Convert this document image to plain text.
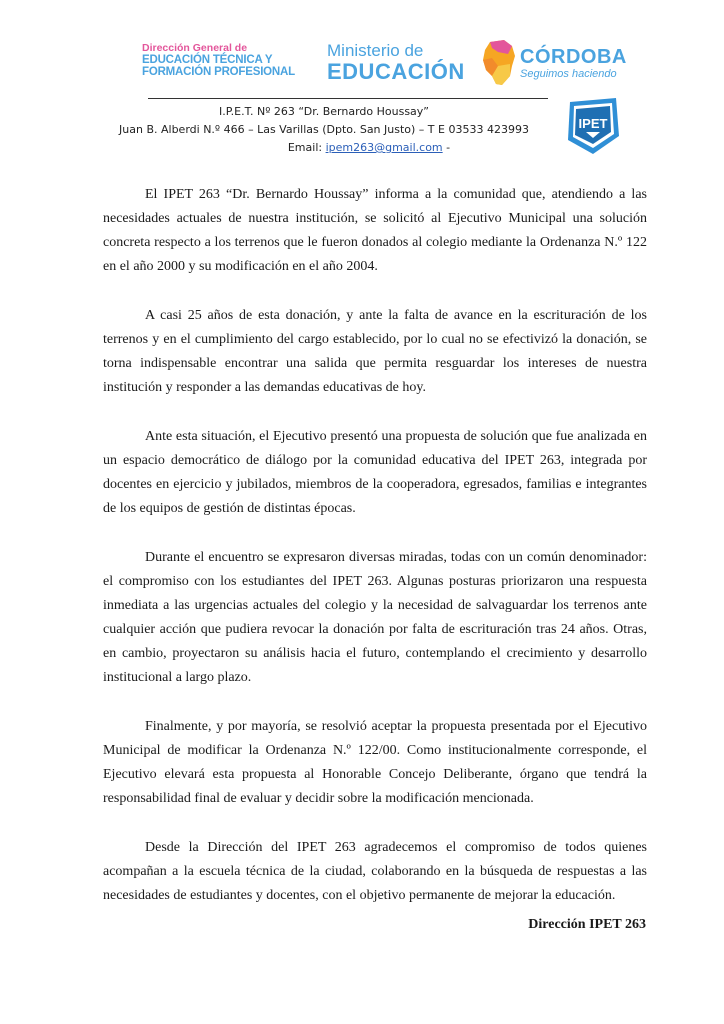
Dirección General de
EDUCACIÓN TÉCNICA Y
FORMACIÓN PROFESIONAL
Ministerio de
EDUCACIÓN
CÓRDOBA
Seguimos haciendo
I.P.E.T. Nº 263 “Dr. Bernardo Houssay”
Juan B. Alberdi N.º 466 – Las Varillas (Dpto. San Justo) – T E 03533 423993
Email: ipem263@gmail.com -
IPET

El IPET 263 “Dr. Bernardo Houssay” informa a la comunidad que, atendiendo a las necesidades actuales de nuestra institución, se solicitó al Ejecutivo Municipal una solución concreta respecto a los terrenos que le fueron donados al colegio mediante la Ordenanza N.º 122 en el año 2000 y su modificación en el año 2004.

A casi 25 años de esta donación, y ante la falta de avance en la escrituración de los terrenos y en el cumplimiento del cargo establecido, por lo cual no se efectivizó la donación, se torna indispensable encontrar una salida que permita resguardar los intereses de nuestra institución y responder a las demandas educativas de hoy.

Ante esta situación, el Ejecutivo presentó una propuesta de solución que fue analizada en un espacio democrático de diálogo por la comunidad educativa del IPET 263, integrada por docentes en ejercicio y jubilados, miembros de la cooperadora, egresados, familias e integrantes de los equipos de gestión de distintas épocas.

Durante el encuentro se expresaron diversas miradas, todas con un común denominador: el compromiso con los estudiantes del IPET 263. Algunas posturas priorizaron una respuesta inmediata a las urgencias actuales del colegio y la necesidad de salvaguardar los terrenos ante cualquier acción que pudiera revocar la donación por falta de escrituración tras 24 años. Otras, en cambio, proyectaron su análisis hacia el futuro, contemplando el crecimiento y desarrollo institucional a largo plazo.

Finalmente, y por mayoría, se resolvió aceptar la propuesta presentada por el Ejecutivo Municipal de modificar la Ordenanza N.º 122/00. Como institucionalmente corresponde, el Ejecutivo elevará esta propuesta al Honorable Concejo Deliberante, órgano que tendrá la responsabilidad final de evaluar y decidir sobre la modificación mencionada.

Desde la Dirección del IPET 263 agradecemos el compromiso de todos quienes acompañan a la escuela técnica de la ciudad, colaborando en la búsqueda de respuestas a las necesidades de estudiantes y docentes, con el objetivo permanente de mejorar la educación.

Dirección IPET 263
